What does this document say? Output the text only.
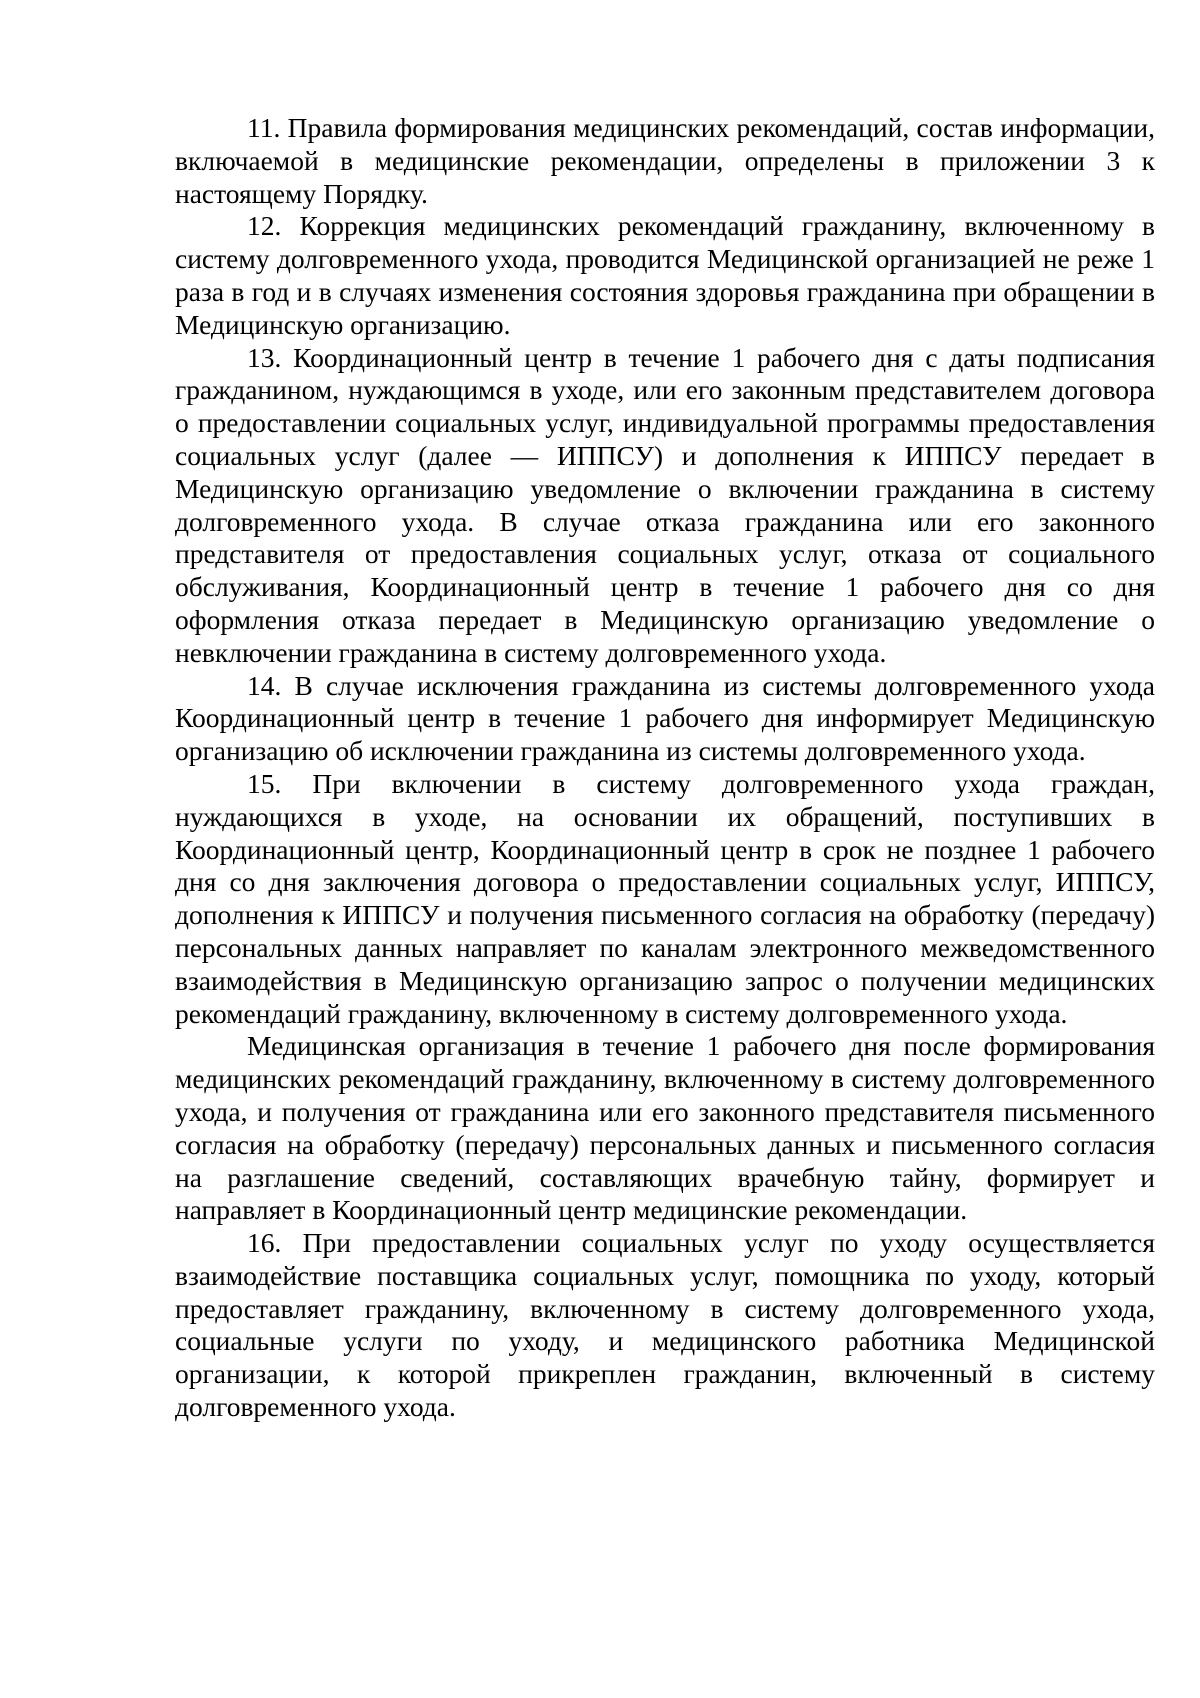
11. Правила формирования медицинских рекомендаций, состав информации, включаемой в медицинские рекомендации, определены в приложении 3 к настоящему Порядку.

12. Коррекция медицинских рекомендаций гражданину, включенному в систему долговременного ухода, проводится Медицинской организацией не реже 1 раза в год и в случаях изменения состояния здоровья гражданина при обращении в Медицинскую организацию.

13. Координационный центр в течение 1 рабочего дня с даты подписания гражданином, нуждающимся в уходе, или его законным представителем договора о предоставлении социальных услуг, индивидуальной программы предоставления социальных услуг (далее — ИППСУ) и дополнения к ИППСУ передает в Медицинскую организацию уведомление о включении гражданина в систему долговременного ухода. В случае отказа гражданина или его законного представителя от предоставления социальных услуг, отказа от социального обслуживания, Координационный центр в течение 1 рабочего дня со дня оформления отказа передает в Медицинскую организацию уведомление о невключении гражданина в систему долговременного ухода.

14. В случае исключения гражданина из системы долговременного ухода Координационный центр в течение 1 рабочего дня информирует Медицинскую организацию об исключении гражданина из системы долговременного ухода.

15. При включении в систему долговременного ухода граждан, нуждающихся в уходе, на основании их обращений, поступивших в Координационный центр, Координационный центр в срок не позднее 1 рабочего дня со дня заключения договора о предоставлении социальных услуг, ИППСУ, дополнения к ИППСУ и получения письменного согласия на обработку (передачу) персональных данных направляет по каналам электронного межведомственного взаимодействия в Медицинскую организацию запрос о получении медицинских рекомендаций гражданину, включенному в систему долговременного ухода.

Медицинская организация в течение 1 рабочего дня после формирования медицинских рекомендаций гражданину, включенному в систему долговременного ухода, и получения от гражданина или его законного представителя письменного согласия на обработку (передачу) персональных данных и письменного согласия на разглашение сведений, составляющих врачебную тайну, формирует и направляет в Координационный центр медицинские рекомендации.

16. При предоставлении социальных услуг по уходу осуществляется взаимодействие поставщика социальных услуг, помощника по уходу, который предоставляет гражданину, включенному в систему долговременного ухода, социальные услуги по уходу, и медицинского работника Медицинской организации, к которой прикреплен гражданин, включенный в систему долговременного ухода.
